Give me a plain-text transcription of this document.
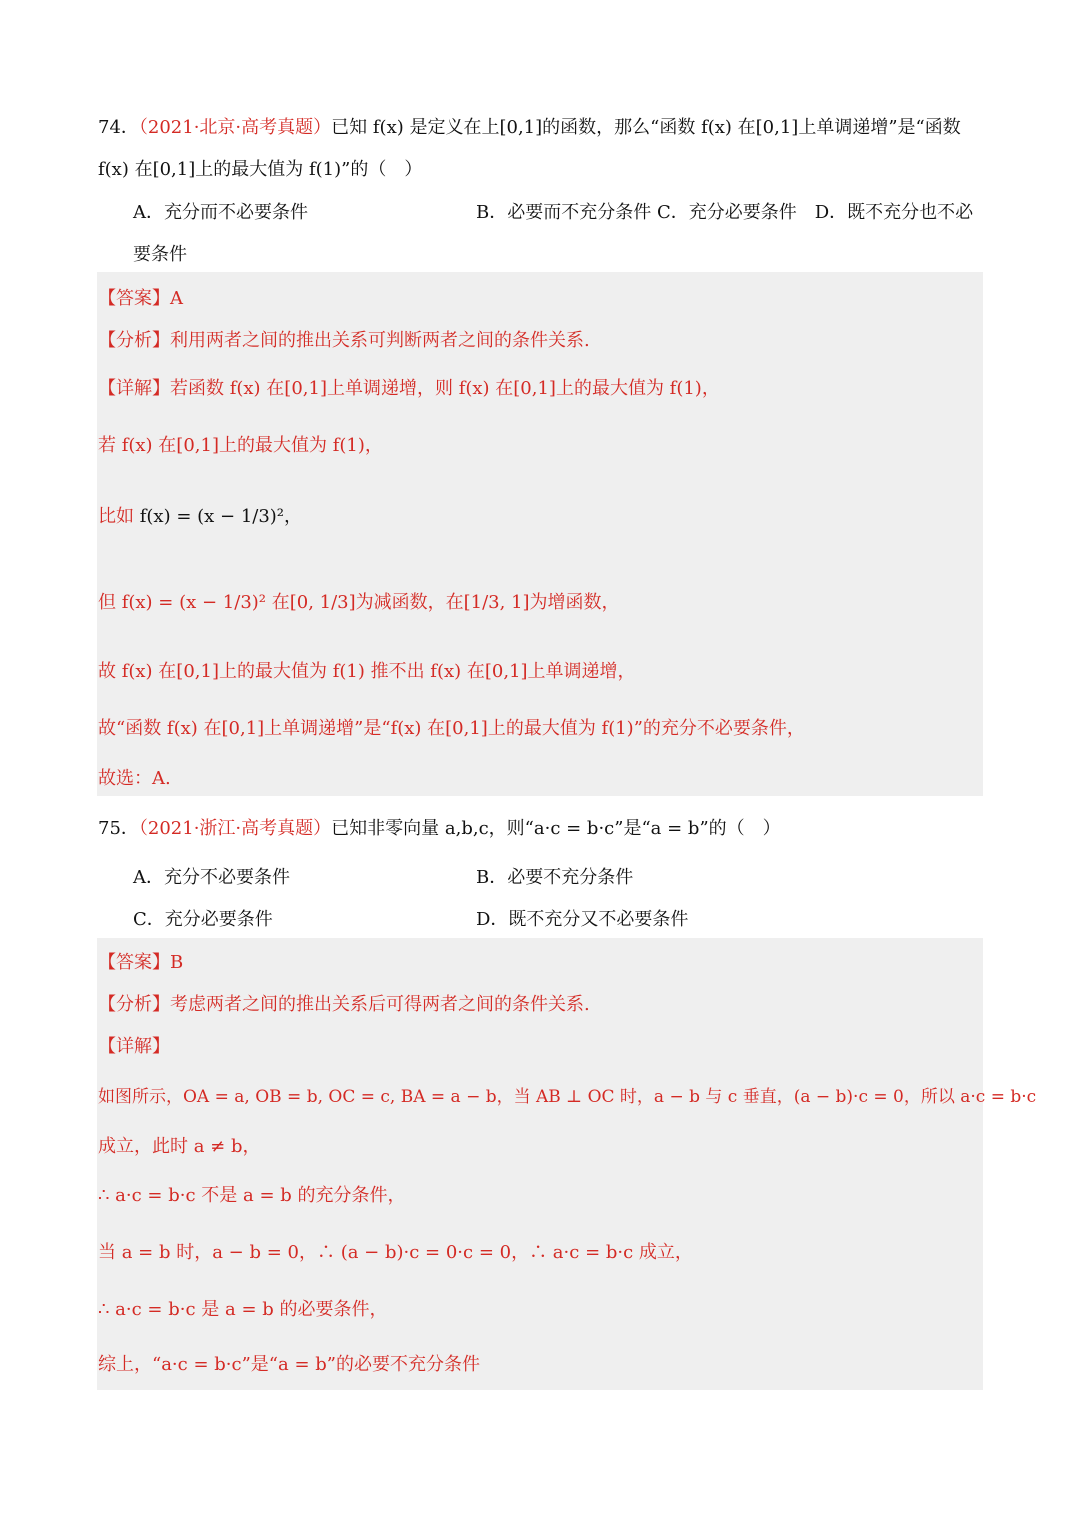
74．（2021·北京·高考真题）已知 f(x) 是定义在上[0,1]的函数，那么“函数 f(x) 在[0,1]上单调递增”是“函数
f(x) 在[0,1]上的最大值为 f(1)”的（　）
A．充分而不必要条件	B．必要而不充分条件 C．充分必要条件　D．既不充分也不必
要条件
【答案】A
【分析】利用两者之间的推出关系可判断两者之间的条件关系.
【详解】若函数 f(x) 在[0,1]上单调递增，则 f(x) 在[0,1]上的最大值为 f(1)，
若 f(x) 在[0,1]上的最大值为 f(1)，
比如 f(x) = (x − 1/3)²，
但 f(x) = (x − 1/3)² 在[0, 1/3]为减函数，在[1/3, 1]为增函数，
故 f(x) 在[0,1]上的最大值为 f(1) 推不出 f(x) 在[0,1]上单调递增，
故“函数 f(x) 在[0,1]上单调递增”是“f(x) 在[0,1]上的最大值为 f(1)”的充分不必要条件，
故选：A.
75．（2021·浙江·高考真题）已知非零向量 a,b,c，则“a·c = b·c”是“a = b”的（　）
A．充分不必要条件	B．必要不充分条件
C．充分必要条件	D．既不充分又不必要条件
【答案】B
【分析】考虑两者之间的推出关系后可得两者之间的条件关系.
【详解】
如图所示，OA = a, OB = b, OC = c, BA = a − b，当 AB ⊥ OC 时，a − b 与 c 垂直，(a − b)·c = 0，所以 a·c = b·c
成立，此时 a ≠ b，
∴ a·c = b·c 不是 a = b 的充分条件，
当 a = b 时，a − b = 0，∴ (a − b)·c = 0·c = 0，∴ a·c = b·c 成立，
∴ a·c = b·c 是 a = b 的必要条件，
综上，“a·c = b·c”是“a = b”的必要不充分条件
